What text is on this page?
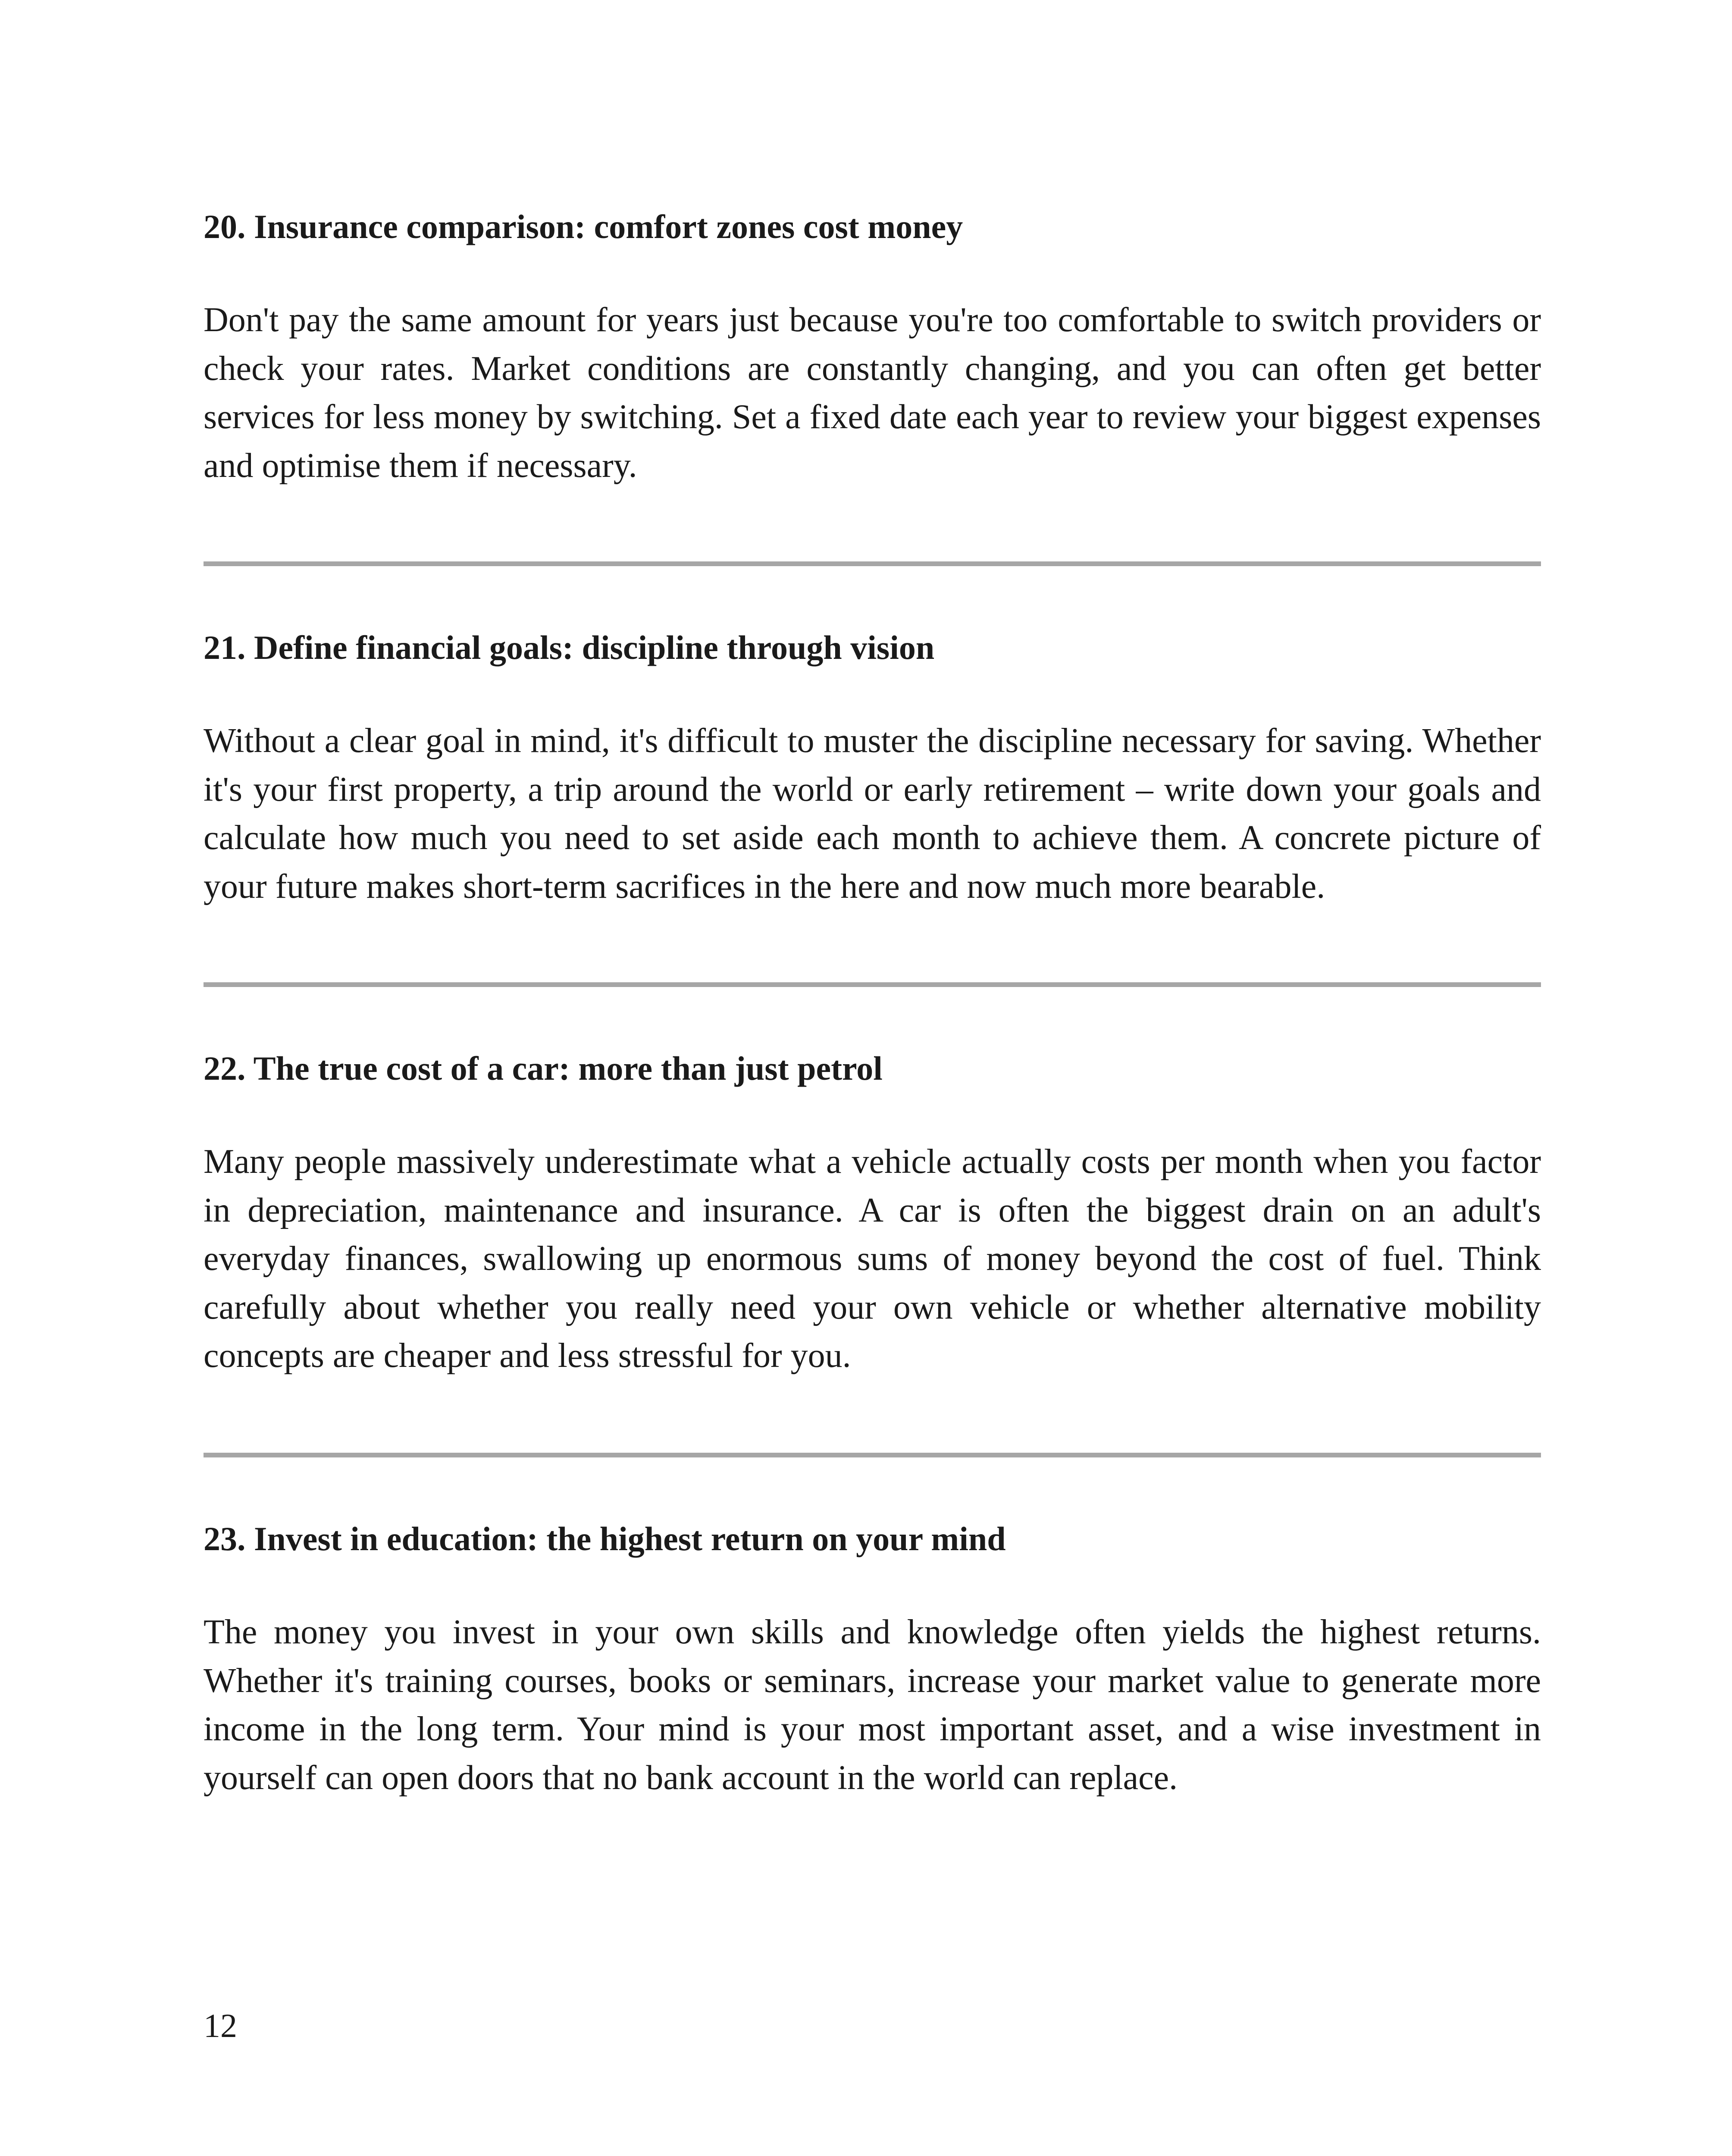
20. Insurance comparison: comfort zones cost money

Don't pay the same amount for years just because you're too comfortable to switch providers or check your rates. Market conditions are constantly changing, and you can often get better services for less money by switching. Set a fixed date each year to review your biggest expenses and optimise them if necessary.

21. Define financial goals: discipline through vision

Without a clear goal in mind, it's difficult to muster the discipline necessary for saving. Whether it's your first property, a trip around the world or early retirement – write down your goals and calculate how much you need to set aside each month to achieve them. A concrete picture of your future makes short-term sacrifices in the here and now much more bearable.

22. The true cost of a car: more than just petrol

Many people massively underestimate what a vehicle actually costs per month when you factor in depreciation, maintenance and insurance. A car is often the biggest drain on an adult's everyday finances, swallowing up enormous sums of money beyond the cost of fuel. Think carefully about whether you really need your own vehicle or whether alternative mobility concepts are cheaper and less stressful for you.

23. Invest in education: the highest return on your mind

The money you invest in your own skills and knowledge often yields the highest returns. Whether it's training courses, books or seminars, increase your market value to generate more income in the long term. Your mind is your most important asset, and a wise investment in yourself can open doors that no bank account in the world can replace.

12
